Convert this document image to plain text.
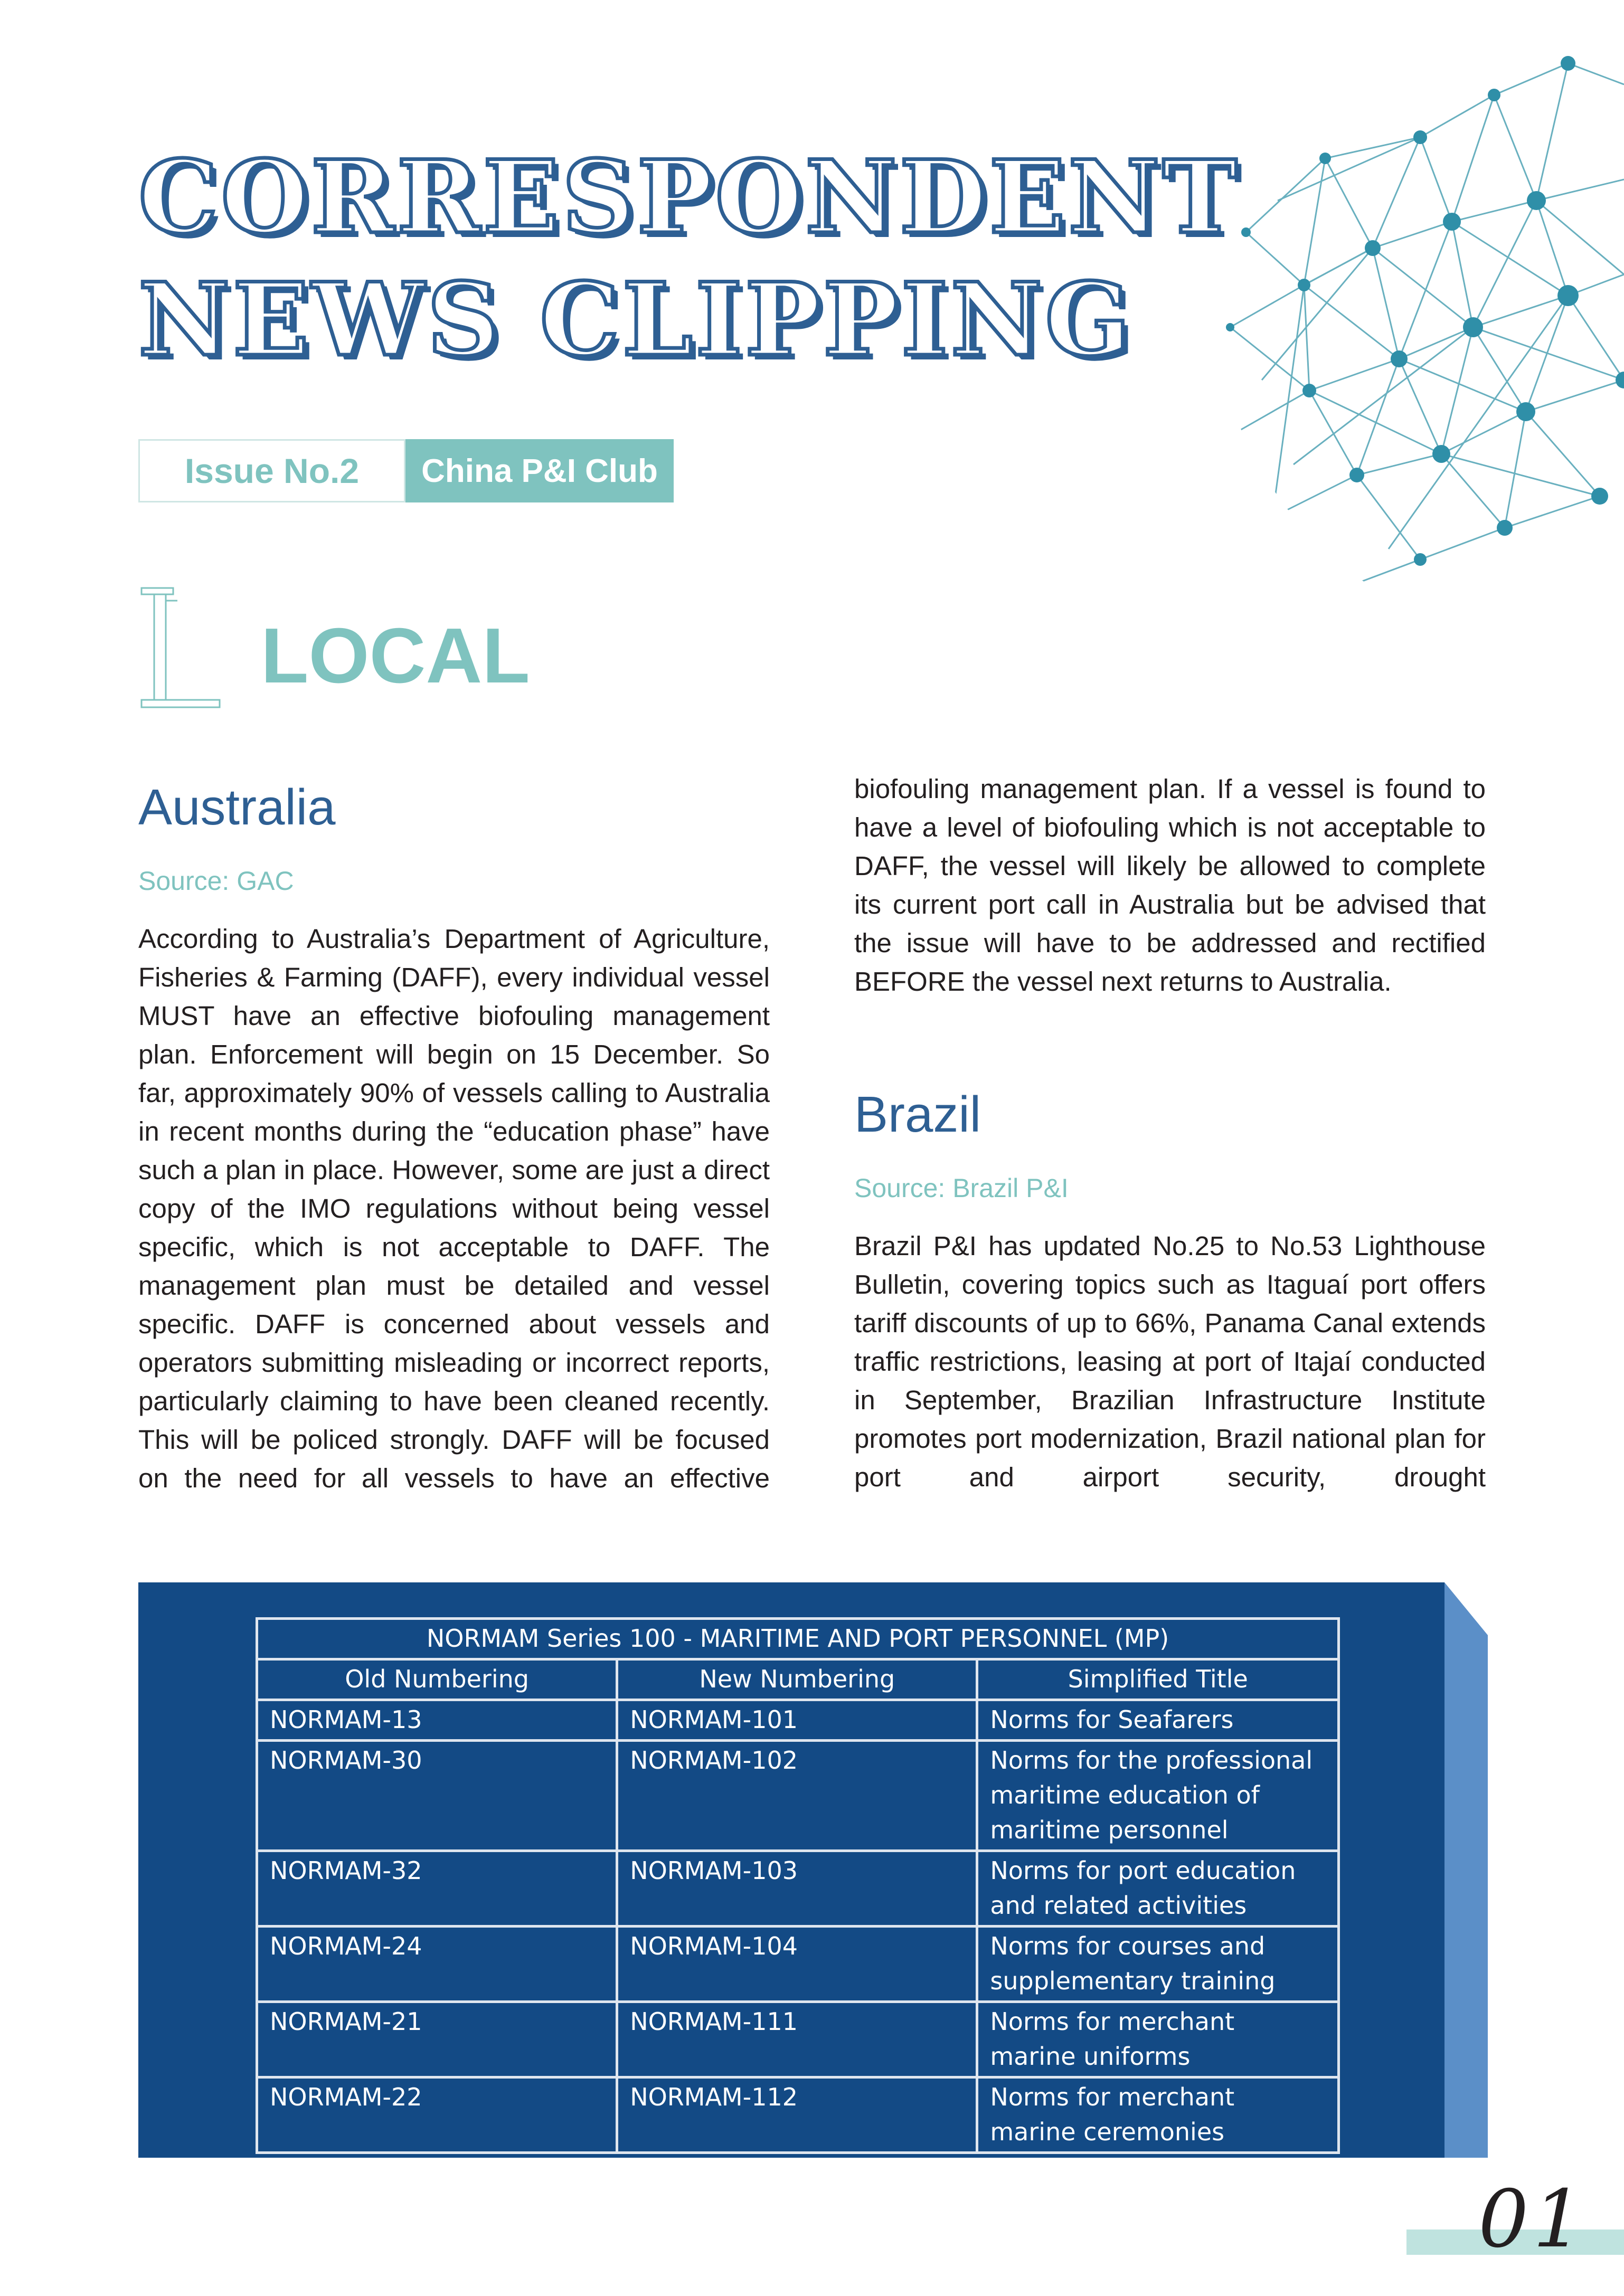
CORRESPONDENT
NEWS CLIPPING
Issue No.2	China P&I Club
LOCAL
Australia

Source: GAC

According to Australia’s Department of Agriculture, Fisheries & Farming (DAFF), every individual vessel MUST have an effective biofouling management plan. Enforcement will begin on 15 December. So far, approximately 90% of vessels calling to Australia in recent months during the “education phase” have such a plan in place. However, some are just a direct copy of the IMO regulations without being vessel specific, which is not acceptable to DAFF. The management plan must be detailed and vessel specific. DAFF is concerned about vessels and operators submitting misleading or incorrect reports, particularly claiming to have been cleaned recently. This will be policed strongly. DAFF will be focused on the need for all vessels to have an effective

biofouling management plan. If a vessel is found to have a level of biofouling which is not acceptable to DAFF, the vessel will likely be allowed to complete its current port call in Australia but be advised that the issue will have to be addressed and rectified BEFORE the vessel next returns to Australia.

Brazil

Source: Brazil P&I

Brazil P&I has updated No.25 to No.53 Lighthouse Bulletin, covering topics such as Itaguaí port offers tariff discounts of up to 66%, Panama Canal extends traffic restrictions, leasing at port of Itajaí conducted in September, Brazilian Infrastructure Institute promotes port modernization, Brazil national plan for port and airport security, drought

NORMAM Series 100 - MARITIME AND PORT PERSONNEL (MP)		
Old Numbering	New Numbering	Simplified Title
NORMAM-13	NORMAM-101	Norms for Seafarers
NORMAM-30	NORMAM-102	Norms for the professional maritime education of maritime personnel
NORMAM-32	NORMAM-103	Norms for port education and related activities
NORMAM-24	NORMAM-104	Norms for courses and supplementary training
NORMAM-21	NORMAM-111	Norms for merchant marine uniforms
NORMAM-22	NORMAM-112	Norms for merchant marine ceremonies

01
